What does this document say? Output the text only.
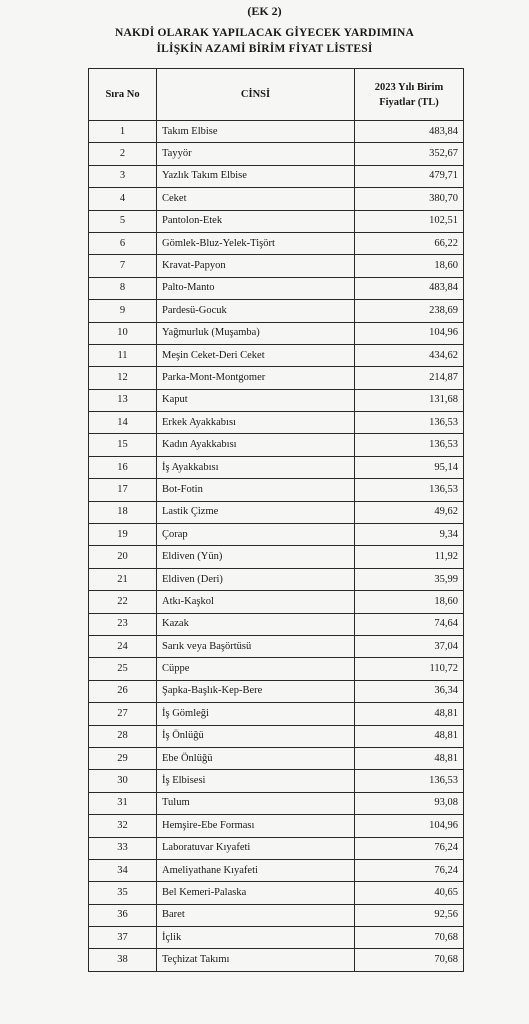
(EK 2)
NAKDİ OLARAK YAPILACAK GİYECEK YARDIMINA
İLİŞKİN AZAMİ BİRİM FİYAT LİSTESİ
Sıra No	CİNSİ	2023 Yılı Birim Fiyatlar (TL)

1	Takım Elbise	483,84
2	Tayyör	352,67
3	Yazlık Takım Elbise	479,71
4	Ceket	380,70
5	Pantolon-Etek	102,51
6	Gömlek-Bluz-Yelek-Tişört	66,22
7	Kravat-Papyon	18,60
8	Palto-Manto	483,84
9	Pardesü-Gocuk	238,69
10	Yağmurluk (Muşamba)	104,96
11	Meşin Ceket-Deri Ceket	434,62
12	Parka-Mont-Montgomer	214,87
13	Kaput	131,68
14	Erkek Ayakkabısı	136,53
15	Kadın Ayakkabısı	136,53
16	İş Ayakkabısı	95,14
17	Bot-Fotin	136,53
18	Lastik Çizme	49,62
19	Çorap	9,34
20	Eldiven (Yün)	11,92
21	Eldiven (Deri)	35,99
22	Atkı-Kaşkol	18,60
23	Kazak	74,64
24	Sarık veya Başörtüsü	37,04
25	Cüppe	110,72
26	Şapka-Başlık-Kep-Bere	36,34
27	İş Gömleği	48,81
28	İş Önlüğü	48,81
29	Ebe Önlüğü	48,81
30	İş Elbisesi	136,53
31	Tulum	93,08
32	Hemşire-Ebe Forması	104,96
33	Laboratuvar Kıyafeti	76,24
34	Ameliyathane Kıyafeti	76,24
35	Bel Kemeri-Palaska	40,65
36	Baret	92,56
37	İçlik	70,68
38	Teçhizat Takımı	70,68
